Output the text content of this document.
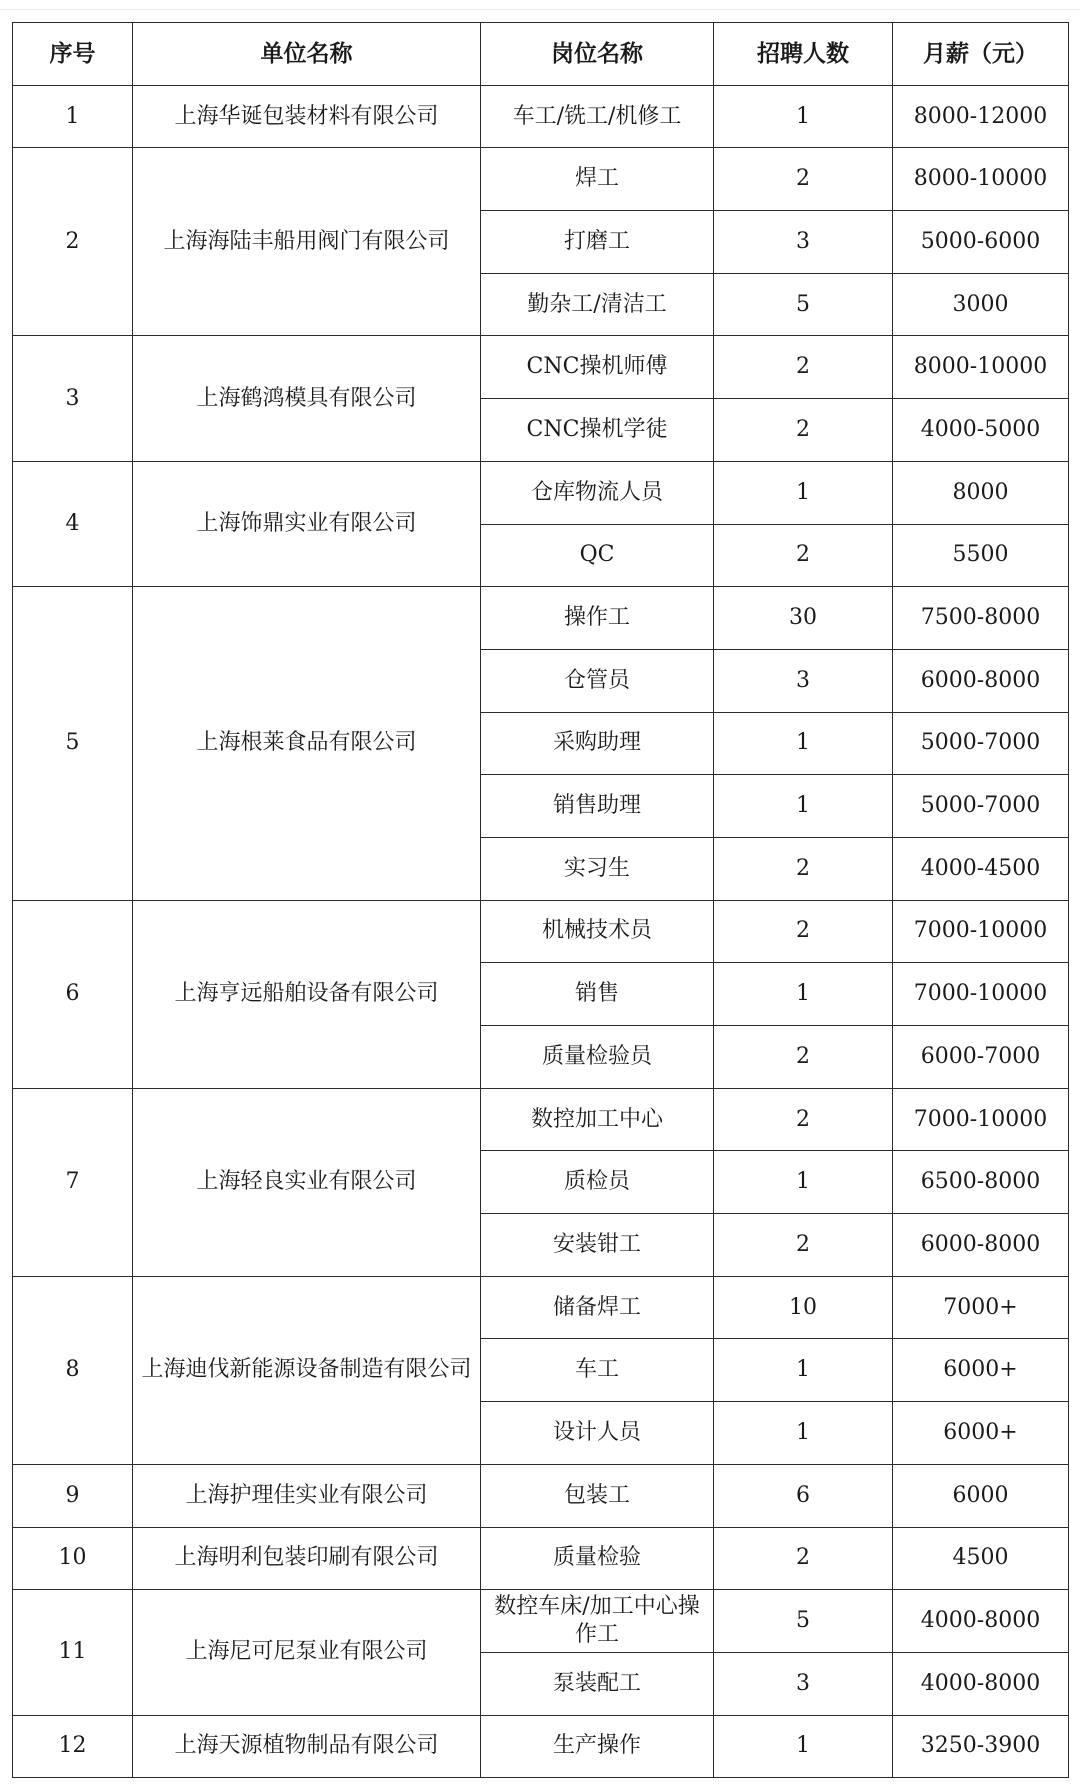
序号	单位名称	岗位名称	招聘人数	月薪（元）
1	上海华诞包装材料有限公司	车工/铣工/机修工	1	8000-12000
2	上海海陆丰船用阀门有限公司	焊工	2	8000-10000
		打磨工	3	5000-6000
		勤杂工/清洁工	5	3000
3	上海鹤鸿模具有限公司	CNC操机师傅	2	8000-10000
		CNC操机学徒	2	4000-5000
4	上海饰鼎实业有限公司	仓库物流人员	1	8000
		QC	2	5500
5	上海根莱食品有限公司	操作工	30	7500-8000
		仓管员	3	6000-8000
		采购助理	1	5000-7000
		销售助理	1	5000-7000
		实习生	2	4000-4500
6	上海亨远船舶设备有限公司	机械技术员	2	7000-10000
		销售	1	7000-10000
		质量检验员	2	6000-7000
7	上海轻良实业有限公司	数控加工中心	2	7000-10000
		质检员	1	6500-8000
		安装钳工	2	6000-8000
8	上海迪伐新能源设备制造有限公司	储备焊工	10	7000+
		车工	1	6000+
		设计人员	1	6000+
9	上海护理佳实业有限公司	包装工	6	6000
10	上海明利包装印刷有限公司	质量检验	2	4500
11	上海尼可尼泵业有限公司	数控车床/加工中心操作工	5	4000-8000
		泵装配工	3	4000-8000
12	上海天源植物制品有限公司	生产操作	1	3250-3900
